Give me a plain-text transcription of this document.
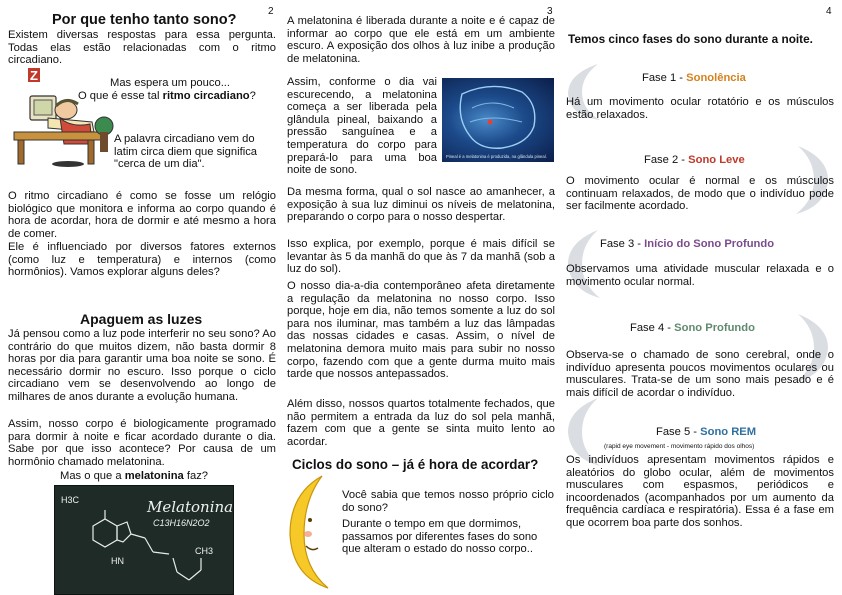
2
Por que tenho tanto sono?

Existem diversas respostas para essa pergunta. Todas elas estão relacionadas com o ritmo circadiano.

Z	Mas espera um pouco...

O que é esse tal ritmo circadiano?

A palavra circadiano vem do latim circa diem que significa "cerca de um dia".

O ritmo circadiano é como se fosse um relógio biológico que monitora e informa ao corpo quando é hora de acordar, hora de dormir e até mesmo a hora de comer.

Ele é influenciado por diversos fatores externos (como luz e temperatura) e internos (como hormônios). Vamos explorar alguns deles?

Apaguem as luzes

Já pensou como a luz pode interferir no seu sono? Ao contrário do que muitos dizem, não basta dormir 8 horas por dia para garantir uma boa noite se sono. É necessário dormir no escuro. Isso porque o ciclo circadiano vem se desenvolvendo ao longo de milhares de anos durante a evolução humana.

Assim, nosso corpo é biologicamente programado para dormir à noite e ficar acordado durante o dia. Sabe por que isso acontece? Por causa de um hormônio chamado melatonina.

Mas o que a melatonina faz?

Melatonina
C13H16N2O2
H3C
HN
CH3
3

A melatonina é liberada durante a noite e é capaz de informar ao corpo que ele está em um ambiente escuro. A exposição dos olhos à luz inibe a produção de melatonina.

Assim, conforme o dia vai escurecendo, a melatonina começa a ser liberada pela glândula pineal, baixando a pressão sanguínea e a temperatura do corpo para prepará-lo para uma boa noite de sono.

Pineal é a melatonina é produzida, na glândula pineal.

Da mesma forma, qual o sol nasce ao amanhecer, a exposição à sua luz diminui os níveis de melatonina, preparando o corpo para o nosso despertar.

Isso explica, por exemplo, porque é mais difícil se levantar às 5 da manhã do que às 7 da manhã (sob a luz do sol).

O nosso dia-a-dia contemporâneo afeta diretamente a regulação da melatonina no nosso corpo. Isso porque, hoje em dia, não temos somente a luz do sol para nos iluminar, mas também a luz das lâmpadas das nossas cidades e casas. Assim, o nível de melatonina demora muito mais para subir no nosso corpo, fazendo com que a gente durma muito mais tarde que nossos antepassados.

Além disso, nossos quartos totalmente fechados, que não permitem a entrada da luz do sol pela manhã, fazem com que a gente se sinta muito lento ao acordar.

Ciclos do sono – já é hora de acordar?

Você sabia que temos nosso próprio ciclo do sono?

Durante o tempo em que dormimos, passamos por diferentes fases do sono que alteram o estado do nosso corpo..

4
Temos cinco fases do sono durante a noite.
Fase 1 - Sonolência

Há um movimento ocular rotatório e os músculos estão relaxados.

Fase 2 - Sono Leve

O movimento ocular é normal e os músculos continuam relaxados, de modo que o indivíduo pode ser facilmente acordado.

Fase 3 - Início do Sono Profundo

Observamos uma atividade muscular relaxada e o movimento ocular normal.

Fase 4 - Sono Profundo

Observa-se o chamado de sono cerebral, onde o indivíduo apresenta poucos movimentos oculares ou musculares. Trata-se de um sono mais pesado e é mais difícil de acordar o indivíduo.

Fase 5 - Sono REM

(rapid eye movement - movimento rápido dos olhos)

Os indivíduos apresentam movimentos rápidos e aleatórios do globo ocular, além de movimentos musculares com espasmos, periódicos e incoordenados (acompanhados por um aumento da frequência cardíaca e respiratória). Essa é a fase em que ocorrem boa parte dos sonhos.
